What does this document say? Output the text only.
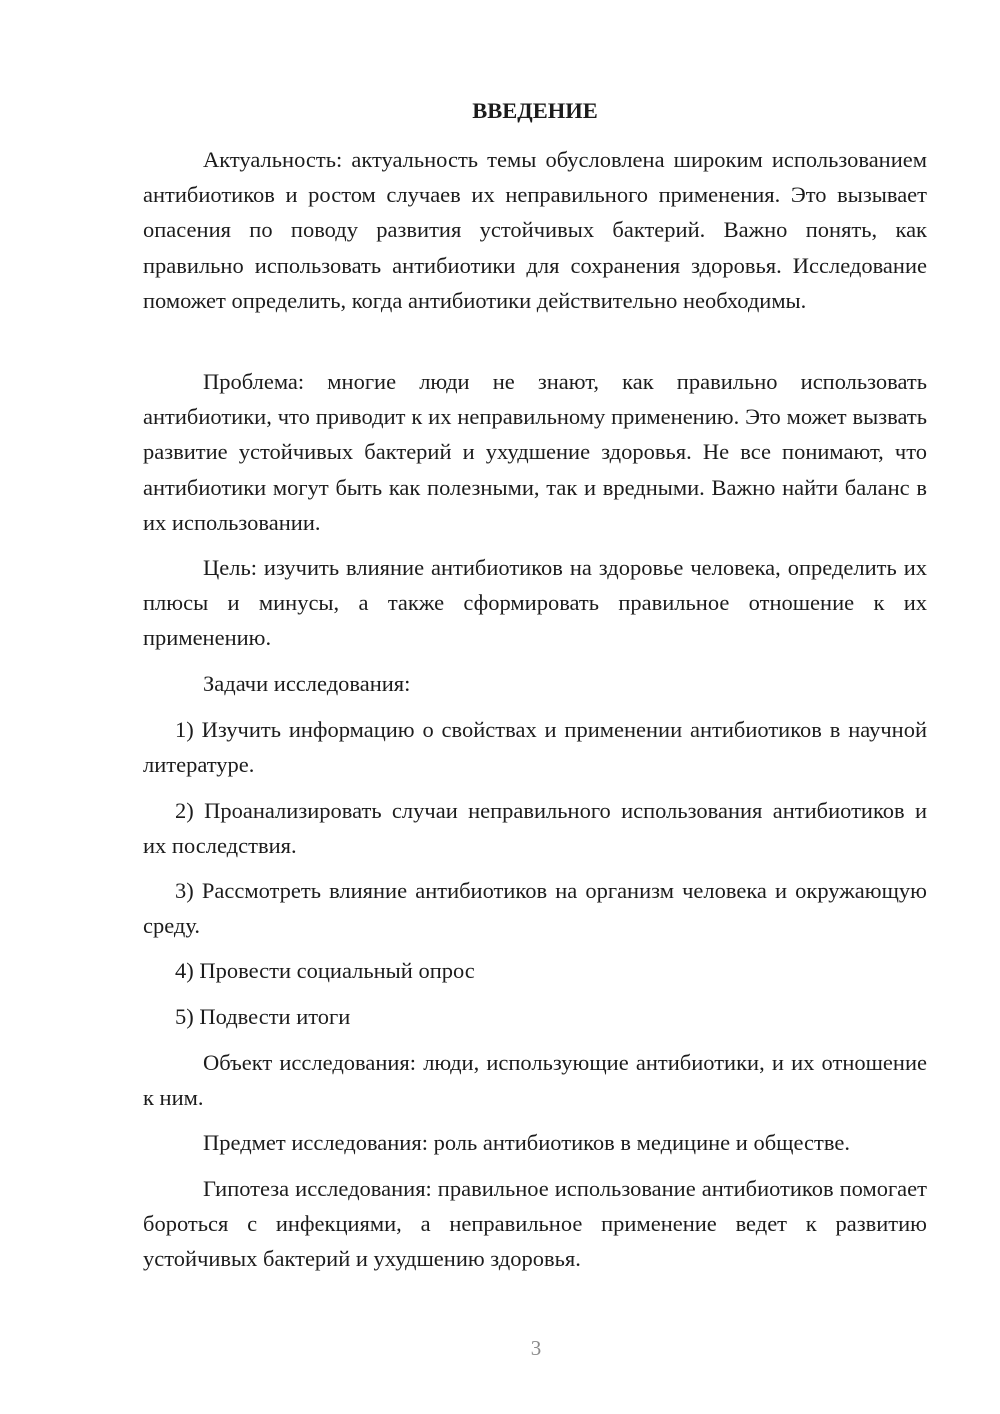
ВВЕДЕНИЕ

Актуальность: актуальность темы обусловлена широким использованием антибиотиков и ростом случаев их неправильного применения. Это вызывает опасения по поводу развития устойчивых бактерий. Важно понять, как правильно использовать антибиотики для сохранения здоровья. Исследование поможет определить, когда антибиотики действительно необходимы.

Проблема: многие люди не знают, как правильно использовать антибиотики, что приводит к их неправильному применению. Это может вызвать развитие устойчивых бактерий и ухудшение здоровья. Не все понимают, что антибиотики могут быть как полезными, так и вредными. Важно найти баланс в их использовании.

Цель: изучить влияние антибиотиков на здоровье человека, определить их плюсы и минусы, а также сформировать правильное отношение к их применению.

Задачи исследования:

1) Изучить информацию о свойствах и применении антибиотиков в научной литературе.

2) Проанализировать случаи неправильного использования антибиотиков и их последствия.

3) Рассмотреть влияние антибиотиков на организм человека и окружающую среду.

4) Провести социальный опрос

5) Подвести итоги

Объект исследования: люди, использующие антибиотики, и их отношение к ним.

Предмет исследования: роль антибиотиков в медицине и обществе.

Гипотеза исследования: правильное использование антибиотиков помогает бороться с инфекциями, а неправильное применение ведет к развитию устойчивых бактерий и ухудшению здоровья.

3
